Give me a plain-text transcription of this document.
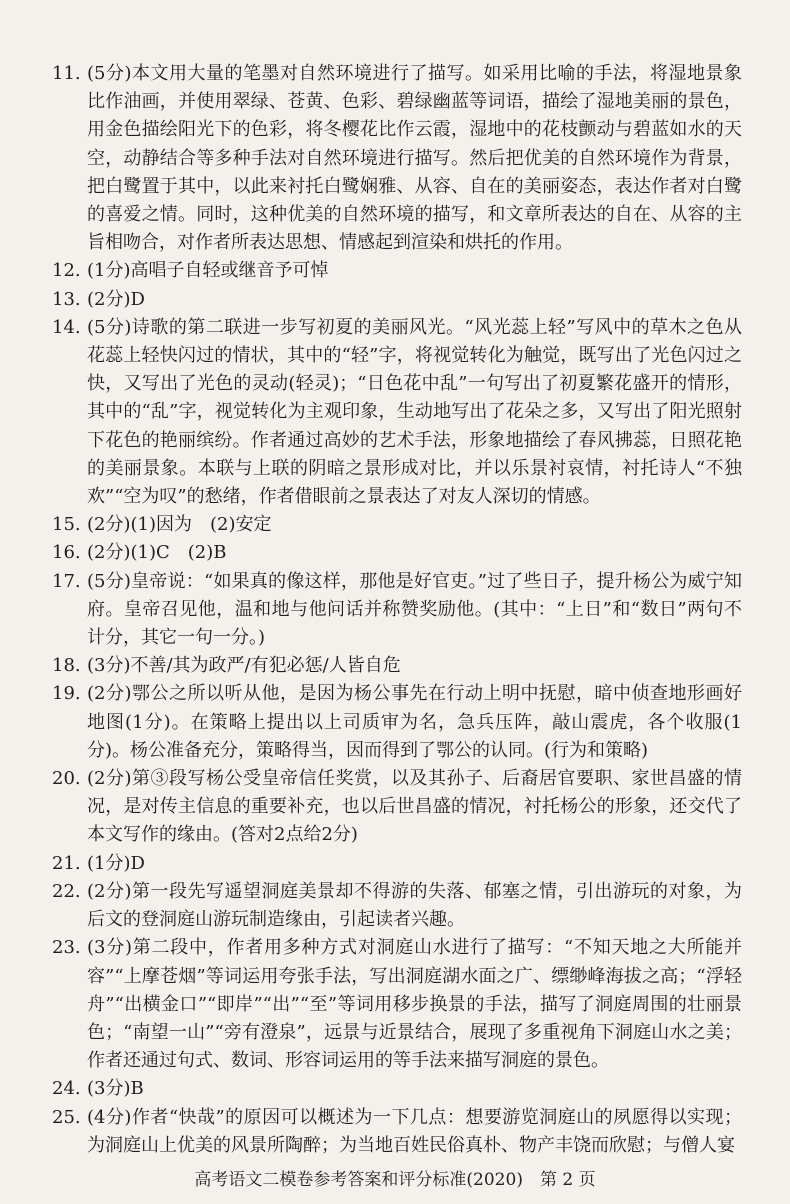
11. (5分)本文用大量的笔墨对自然环境进行了描写。如采用比喻的手法，将湿地景象比作油画，并使用翠绿、苍黄、色彩、碧绿幽蓝等词语，描绘了湿地美丽的景色，用金色描绘阳光下的色彩，将冬樱花比作云霞，湿地中的花枝颤动与碧蓝如水的天空，动静结合等多种手法对自然环境进行描写。然后把优美的自然环境作为背景，把白鹭置于其中，以此来衬托白鹭娴雅、从容、自在的美丽姿态，表达作者对白鹭的喜爱之情。同时，这种优美的自然环境的描写，和文章所表达的自在、从容的主旨相吻合，对作者所表达思想、情感起到渲染和烘托的作用。
12. (1分)高唱子自轻或继音予可悼
13. (2分)D
14. (5分)诗歌的第二联进一步写初夏的美丽风光。“风光蕊上轻”写风中的草木之色从花蕊上轻快闪过的情状，其中的“轻”字，将视觉转化为触觉，既写出了光色闪过之快，又写出了光色的灵动(轻灵)；“日色花中乱”一句写出了初夏繁花盛开的情形，其中的“乱”字，视觉转化为主观印象，生动地写出了花朵之多，又写出了阳光照射下花色的艳丽缤纷。作者通过高妙的艺术手法，形象地描绘了春风拂蕊，日照花艳的美丽景象。本联与上联的阴暗之景形成对比，并以乐景衬哀情，衬托诗人“不独欢”“空为叹”的愁绪，作者借眼前之景表达了对友人深切的情感。
15. (2分)(1)因为　(2)安定
16. (2分)(1)C　(2)B
17. (5分)皇帝说：“如果真的像这样，那他是好官吏。”过了些日子，提升杨公为威宁知府。皇帝召见他，温和地与他问话并称赞奖励他。(其中：“上日”和“数日”两句不计分，其它一句一分。)
18. (3分)不善/其为政严/有犯必惩/人皆自危
19. (2分)鄂公之所以听从他，是因为杨公事先在行动上明中抚慰，暗中侦查地形画好地图(1分)。在策略上提出以上司质审为名，急兵压阵，敲山震虎，各个收服(1分)。杨公准备充分，策略得当，因而得到了鄂公的认同。(行为和策略)
20. (2分)第③段写杨公受皇帝信任奖赏，以及其孙子、后裔居官要职、家世昌盛的情况，是对传主信息的重要补充，也以后世昌盛的情况，衬托杨公的形象，还交代了本文写作的缘由。(答对2点给2分)
21. (1分)D
22. (2分)第一段先写遥望洞庭美景却不得游的失落、郁塞之情，引出游玩的对象，为后文的登洞庭山游玩制造缘由，引起读者兴趣。
23. (3分)第二段中，作者用多种方式对洞庭山水进行了描写：“不知天地之大所能并容”“上摩苍烟”等词运用夸张手法，写出洞庭湖水面之广、缥缈峰海拔之高；“浮轻舟”“出横金口”“即岸”“出”“至”等词用移步换景的手法，描写了洞庭周围的壮丽景色；“南望一山”“旁有澄泉”，远景与近景结合，展现了多重视角下洞庭山水之美；作者还通过句式、数词、形容词运用的等手法来描写洞庭的景色。
24. (3分)B
25. (4分)作者“快哉”的原因可以概述为一下几点：想要游览洞庭山的夙愿得以实现；为洞庭山上优美的风景所陶醉；为当地百姓民俗真朴、物产丰饶而欣慰；与僧人宴
高考语文二模卷参考答案和评分标准(2020)　第 2 页
